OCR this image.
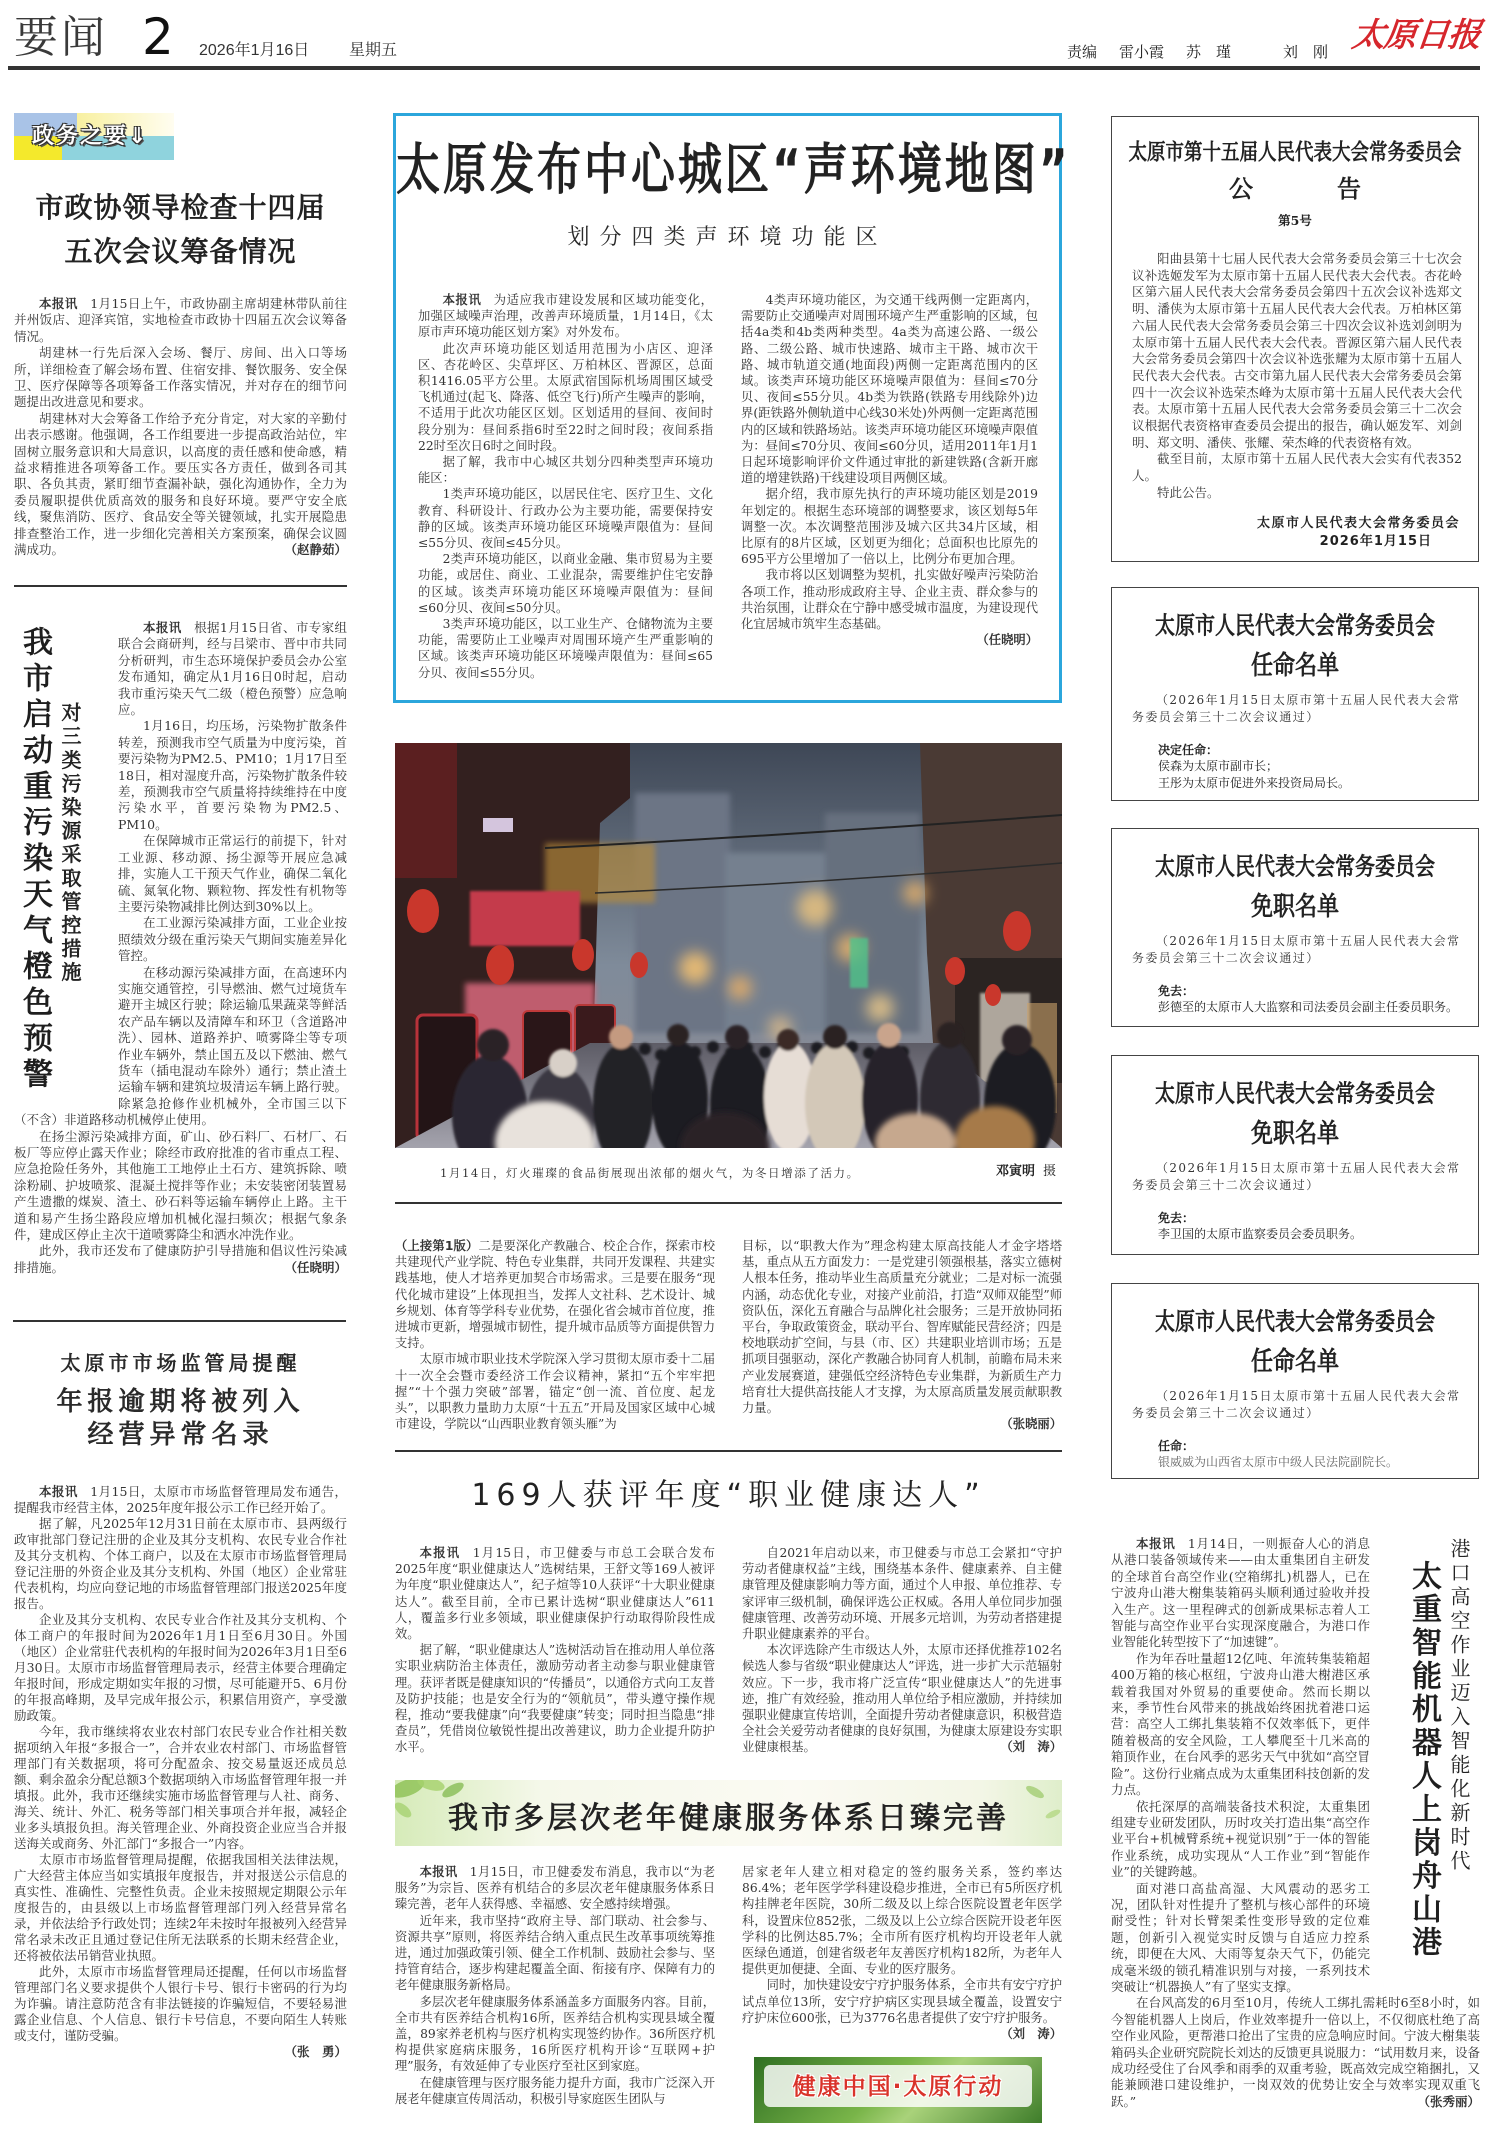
要闻 2 2026年1月16日 星期五	责编 雷小霞 苏　瑾	刘　刚 太原日报
政务之要⇓
市政协领导检查十四届
五次会议筹备情况

本报讯 1月15日上午，市政协副主席胡建林带队前往并州饭店、迎泽宾馆，实地检查市政协十四届五次会议筹备情况。

胡建林一行先后深入会场、餐厅、房间、出入口等场所，详细检查了解会场布置、住宿安排、餐饮服务、安全保卫、医疗保障等各项筹备工作落实情况，并对存在的细节问题提出改进意见和要求。

胡建林对大会筹备工作给予充分肯定，对大家的辛勤付出表示感谢。他强调，各工作组要进一步提高政治站位，牢固树立服务意识和大局意识，以高度的责任感和使命感，精益求精推进各项筹备工作。要压实各方责任，做到各司其职、各负其责，紧盯细节查漏补缺，强化沟通协作，全力为委员履职提供优质高效的服务和良好环境。要严守安全底线，聚焦消防、医疗、食品安全等关键领域，扎实开展隐患排查整治工作，进一步细化完善相关方案预案，确保会议圆满成功。	（赵静茹）

我市启动重污染天气橙色预警 对三类污染源采取管控措施

本报讯 根据1月15日省、市专家组联合会商研判，经与吕梁市、晋中市共同分析研判，市生态环境保护委员会办公室发布通知，确定从1月16日0时起，启动我市重污染天气二级（橙色预警）应急响应。

1月16日，均压场，污染物扩散条件转差，预测我市空气质量为中度污染，首要污染物为PM2.5、PM10；1月17日至18日，相对湿度升高，污染物扩散条件较差，预测我市空气质量将持续维持在中度污染水平，首要污染物为PM2.5、PM10。

在保障城市正常运行的前提下，针对工业源、移动源、扬尘源等开展应急减排，实施人工干预天气作业，确保二氧化硫、氮氧化物、颗粒物、挥发性有机物等主要污染物减排比例达到30%以上。

在工业源污染减排方面，工业企业按照绩效分级在重污染天气期间实施差异化管控。

在移动源污染减排方面，在高速环内实施交通管控，引导燃油、燃气过境货车避开主城区行驶；除运输瓜果蔬菜等鲜活农产品车辆以及清障车和环卫（含道路冲洗）、园林、道路养护、喷雾降尘等专项作业车辆外，禁止国五及以下燃油、燃气货车（插电混动车除外）通行；禁止渣土运输车辆和建筑垃圾清运车辆上路行驶。除紧急抢修作业机械外，全市国三以下（不含）非道路移动机械停止使用。

在扬尘源污染减排方面，矿山、砂石料厂、石材厂、石板厂等应停止露天作业；除经市政府批准的省市重点工程、应急抢险任务外，其他施工工地停止土石方、建筑拆除、喷涂粉刷、护坡喷浆、混凝土搅拌等作业；未安装密闭装置易产生遗撒的煤炭、渣土、砂石料等运输车辆停止上路。主干道和易产生扬尘路段应增加机械化湿扫频次；根据气象条件，建成区停止主次干道喷雾降尘和洒水冲洗作业。

此外，我市还发布了健康防护引导措施和倡议性污染减排措施。	（任晓明）

太原市市场监管局提醒
年报逾期将被列入
经营异常名录

本报讯 1月15日，太原市市场监督管理局发布通告，提醒我市经营主体，2025年度年报公示工作已经开始了。

据了解，凡2025年12月31日前在太原市市、县两级行政审批部门登记注册的企业及其分支机构、农民专业合作社及其分支机构、个体工商户，以及在太原市市场监督管理局登记注册的外资企业及其分支机构、外国（地区）企业常驻代表机构，均应向登记地的市场监督管理部门报送2025年度报告。

企业及其分支机构、农民专业合作社及其分支机构、个体工商户的年报时间为2026年1月1日至6月30日。外国（地区）企业常驻代表机构的年报时间为2026年3月1日至6月30日。太原市市场监督管理局表示，经营主体要合理确定年报时间，形成定期如实年报的习惯，尽可能避开5、6月份的年报高峰期，及早完成年报公示，积累信用资产，享受激励政策。

今年，我市继续将农业农村部门农民专业合作社相关数据项纳入年报“多报合一”，合并农业农村部门、市场监督管理部门有关数据项，将可分配盈余、按交易量返还成员总额、剩余盈余分配总额3个数据项纳入市场监督管理年报一并填报。此外，我市还继续实施市场监督管理与人社、商务、海关、统计、外汇、税务等部门相关事项合并年报，减轻企业多头填报负担。海关管理企业、外商投资企业应当合并报送海关或商务、外汇部门“多报合一”内容。

太原市市场监督管理局提醒，依据我国相关法律法规，广大经营主体应当如实填报年度报告，并对报送公示信息的真实性、准确性、完整性负责。企业未按照规定期限公示年度报告的，由县级以上市场监督管理部门列入经营异常名录，并依法给予行政处罚；连续2年未按时年报被列入经营异常名录未改正且通过登记住所无法联系的长期未经营企业，还将被依法吊销营业执照。

此外，太原市市场监督管理局还提醒，任何以市场监督管理部门名义要求提供个人银行卡号、银行卡密码的行为均为诈骗。请注意防范含有非法链接的诈骗短信，不要轻易泄露企业信息、个人信息、银行卡号信息，不要向陌生人转账或支付，谨防受骗。

（张　勇）
太原发布中心城区“声环境地图”
划分四类声环境功能区

本报讯 为适应我市建设发展和区域功能变化，加强区域噪声治理，改善声环境质量，1月14日，《太原市声环境功能区划方案》对外发布。

此次声环境功能区划适用范围为小店区、迎泽区、杏花岭区、尖草坪区、万柏林区、晋源区，总面积1416.05平方公里。太原武宿国际机场周围区域受飞机通过(起飞、降落、低空飞行)所产生噪声的影响，不适用于此次功能区区划。区划适用的昼间、夜间时段分别为：昼间系指6时至22时之间时段；夜间系指22时至次日6时之间时段。

据了解，我市中心城区共划分四种类型声环境功能区：

1类声环境功能区，以居民住宅、医疗卫生、文化教育、科研设计、行政办公为主要功能，需要保持安静的区域。该类声环境功能区环境噪声限值为：昼间≤55分贝、夜间≤45分贝。

2类声环境功能区，以商业金融、集市贸易为主要功能，或居住、商业、工业混杂，需要维护住宅安静的区域。该类声环境功能区环境噪声限值为：昼间≤60分贝、夜间≤50分贝。

3类声环境功能区，以工业生产、仓储物流为主要功能，需要防止工业噪声对周围环境产生严重影响的区域。该类声环境功能区环境噪声限值为：昼间≤65分贝、夜间≤55分贝。

4类声环境功能区，为交通干线两侧一定距离内，需要防止交通噪声对周围环境产生严重影响的区域，包括4a类和4b类两种类型。4a类为高速公路、一级公路、二级公路、城市快速路、城市主干路、城市次干路、城市轨道交通(地面段)两侧一定距离范围内的区域。该类声环境功能区环境噪声限值为：昼间≤70分贝、夜间≤55分贝。4b类为铁路(铁路专用线除外)边界(距铁路外侧轨道中心线30米处)外两侧一定距离范围内的区域和铁路场站。该类声环境功能区环境噪声限值为：昼间≤70分贝、夜间≤60分贝，适用2011年1月1日起环境影响评价文件通过审批的新建铁路(含新开廊道的增建铁路)干线建设项目两侧区域。

据介绍，我市原先执行的声环境功能区划是2019年划定的。根据生态环境部的调整要求，该区划每5年调整一次。本次调整范围涉及城六区共34片区域，相比原有的8片区域，区划更为细化；总面积也比原先的695平方公里增加了一倍以上，比例分布更加合理。

我市将以区划调整为契机，扎实做好噪声污染防治各项工作，推动形成政府主导、企业主责、群众参与的共治氛围，让群众在宁静中感受城市温度，为建设现代化宜居城市筑牢生态基础。

（任晓明）
1月14日，灯火璀璨的食品街展现出浓郁的烟火气，为冬日增添了活力。	邓寅明 摄

（上接第1版）二是要深化产教融合、校企合作，探索市校共建现代产业学院、特色专业集群，共同开发课程、共建实践基地，使人才培养更加契合市场需求。三是要在服务“现代化城市建设”上体现担当，发挥人文社科、艺术设计、城乡规划、体育等学科专业优势，在强化省会城市首位度，推进城市更新，增强城市韧性，提升城市品质等方面提供智力支持。

太原市城市职业技术学院深入学习贯彻太原市委十二届十一次全会暨市委经济工作会议精神，紧扣“五个牢牢把握”“十个强力突破”部署，锚定“创一流、首位度、起龙头”，以职教力量助力太原“十五五”开局及国家区域中心城市建设，学院以“山西职业教育领头雁”为

目标，以“职教大作为”理念构建太原高技能人才金字塔塔基，重点从五方面发力：一是党建引领强根基，落实立德树人根本任务，推动毕业生高质量充分就业；二是对标一流强内涵，动态优化专业，对接产业前沿，打造“双师双能型”师资队伍，深化五育融合与品牌化社会服务；三是开放协同拓平台，争取政策资金，联动平台、智库赋能民营经济；四是校地联动扩空间，与县（市、区）共建职业培训市场；五是抓项目强驱动，深化产教融合协同育人机制，前瞻布局未来产业发展赛道，建强低空经济特色专业集群，为新质生产力培育壮大提供高技能人才支撑，为太原高质量发展贡献职教力量。

（张晓丽）
169人获评年度“职业健康达人”

本报讯 1月15日，市卫健委与市总工会联合发布2025年度“职业健康达人”选树结果，王舒文等169人被评为年度“职业健康达人”，纪子煊等10人获评“十大职业健康达人”。截至目前，全市已累计选树“职业健康达人”611人，覆盖多行业多领域，职业健康保护行动取得阶段性成效。

据了解，“职业健康达人”选树活动旨在推动用人单位落实职业病防治主体责任，激励劳动者主动参与职业健康管理。获评者既是健康知识的“传播员”，以通俗方式向工友普及防护技能；也是安全行为的“领航员”，带头遵守操作规程，推动“要我健康”向“我要健康”转变；同时担当隐患“排查员”，凭借岗位敏锐性提出改善建议，助力企业提升防护水平。

自2021年启动以来，市卫健委与市总工会紧扣“守护劳动者健康权益”主线，围绕基本条件、健康素养、自主健康管理及健康影响力等方面，通过个人申报、单位推荐、专家评审三级机制，确保评选公正权威。各用人单位同步加强健康管理、改善劳动环境、开展多元培训，为劳动者搭建提升职业健康素养的平台。

本次评选除产生市级达人外，太原市还择优推荐102名候选人参与省级“职业健康达人”评选，进一步扩大示范辐射效应。下一步，我市将广泛宣传“职业健康达人”的先进事迹，推广有效经验，推动用人单位给予相应激励，并持续加强职业健康宣传培训，全面提升劳动者健康意识，积极营造全社会关爱劳动者健康的良好氛围，为健康太原建设夯实职业健康根基。	（刘　涛）

我市多层次老年健康服务体系日臻完善

本报讯 1月15日，市卫健委发布消息，我市以“为老服务”为宗旨、医养有机结合的多层次老年健康服务体系日臻完善，老年人获得感、幸福感、安全感持续增强。

近年来，我市坚持“政府主导、部门联动、社会参与、资源共享”原则，将医养结合纳入重点民生改革事项统筹推进，通过加强政策引领、健全工作机制、鼓励社会参与、坚持管育结合，逐步构建起覆盖全面、衔接有序、保障有力的老年健康服务新格局。

多层次老年健康服务体系涵盖多方面服务内容。目前，全市共有医养结合机构16所，医养结合机构实现县域全覆盖，89家养老机构与医疗机构实现签约协作。36所医疗机构提供家庭病床服务，16所医疗机构开诊“互联网+护理”服务，有效延伸了专业医疗至社区到家庭。

在健康管理与医疗服务能力提升方面，我市广泛深入开展老年健康宣传周活动，积极引导家庭医生团队与

居家老年人建立相对稳定的签约服务关系，签约率达86.4%；老年医学学科建设稳步推进，全市已有5所医疗机构挂牌老年医院，30所二级及以上综合医院设置老年医学科，设置床位852张，二级及以上公立综合医院开设老年医学科的比例达85.7%；全市所有医疗机构均开设老年人就医绿色通道，创建省级老年友善医疗机构182所，为老年人提供更加便捷、全面、专业的医疗服务。

同时，加快建设安宁疗护服务体系，全市共有安宁疗护试点单位13所，安宁疗护病区实现县域全覆盖，设置安宁疗护床位600张，已为3776名患者提供了安宁疗护服务。
（刘　涛）

健康中国·太原行动
太原市第十五届人民代表大会常务委员会
公　告
第5号

阳曲县第十七届人民代表大会常务委员会第三十七次会议补选姬发军为太原市第十五届人民代表大会代表。杏花岭区第六届人民代表大会常务委员会第四十五次会议补选郑文明、潘侠为太原市第十五届人民代表大会代表。万柏林区第六届人民代表大会常务委员会第三十四次会议补选刘剑明为太原市第十五届人民代表大会代表。晋源区第六届人民代表大会常务委员会第四十次会议补选张耀为太原市第十五届人民代表大会代表。古交市第九届人民代表大会常务委员会第四十一次会议补选荣杰峰为太原市第十五届人民代表大会代表。太原市第十五届人民代表大会常务委员会第三十二次会议根据代表资格审查委员会提出的报告，确认姬发军、刘剑明、郑文明、潘侠、张耀、荣杰峰的代表资格有效。

截至目前，太原市第十五届人民代表大会实有代表352人。

特此公告。

太原市人民代表大会常务委员会
2026年1月15日
太原市人民代表大会常务委员会
任命名单
（2026年1月15日太原市第十五届人民代表大会常务委员会第三十二次会议通过）
决定任命：
侯森为太原市副市长；
王彤为太原市促进外来投资局局长。
太原市人民代表大会常务委员会
免职名单
（2026年1月15日太原市第十五届人民代表大会常务委员会第三十二次会议通过）
免去：
彭德至的太原市人大监察和司法委员会副主任委员职务。
太原市人民代表大会常务委员会
免职名单
（2026年1月15日太原市第十五届人民代表大会常务委员会第三十二次会议通过）
免去：
李卫国的太原市监察委员会委员职务。
太原市人民代表大会常务委员会
任命名单
（2026年1月15日太原市第十五届人民代表大会常务委员会第三十二次会议通过）
任命：
银威威为山西省太原市中级人民法院副院长。
太重智能机器人上岗舟山港 港口高空作业迈入智能化新时代

本报讯 1月14日，一则振奋人心的消息从港口装备领域传来——由太重集团自主研发的全球首台高空作业(空箱绑扎)机器人，已在宁波舟山港大榭集装箱码头顺利通过验收并投入生产。这一里程碑式的创新成果标志着人工智能与高空作业平台实现深度融合，为港口作业智能化转型按下了“加速键”。

作为年吞吐量超12亿吨、年流转集装箱超400万箱的核心枢纽，宁波舟山港大榭港区承载着我国对外贸易的重要使命。然而长期以来，季节性台风带来的挑战始终困扰着港口运营：高空人工绑扎集装箱不仅效率低下，更伴随着极高的安全风险，工人攀爬至十几米高的箱顶作业，在台风季的恶劣天气中犹如“高空冒险”。这份行业痛点成为太重集团科技创新的发力点。

依托深厚的高端装备技术积淀，太重集团组建专业研发团队，历时攻关打造出集“高空作业平台+机械臂系统+视觉识别”于一体的智能作业系统，成功实现从“人工作业”到“智能作业”的关键跨越。

面对港口高盐高湿、大风震动的恶劣工况，团队针对性提升了整机与核心部件的环境耐受性；针对长臂架柔性变形导致的定位难题，创新引入视觉实时反馈与自适应力控系统，即便在大风、大雨等复杂天气下，仍能完成毫米级的锁孔精准识别与对接，一系列技术突破让“机器换人”有了坚实支撑。

在台风高发的6月至10月，传统人工绑扎需耗时6至8小时，如今智能机器人上岗后，作业效率提升一倍以上，不仅彻底杜绝了高空作业风险，更帮港口抢出了宝贵的应急响应时间。宁波大榭集装箱码头企业研究院院长刘达的反馈更具说服力：“试用数月来，设备成功经受住了台风季和雨季的双重考验，既高效完成空箱捆扎，又能兼顾港口建设维护，一岗双效的优势让安全与效率实现双重飞跃。”	（张秀丽）
